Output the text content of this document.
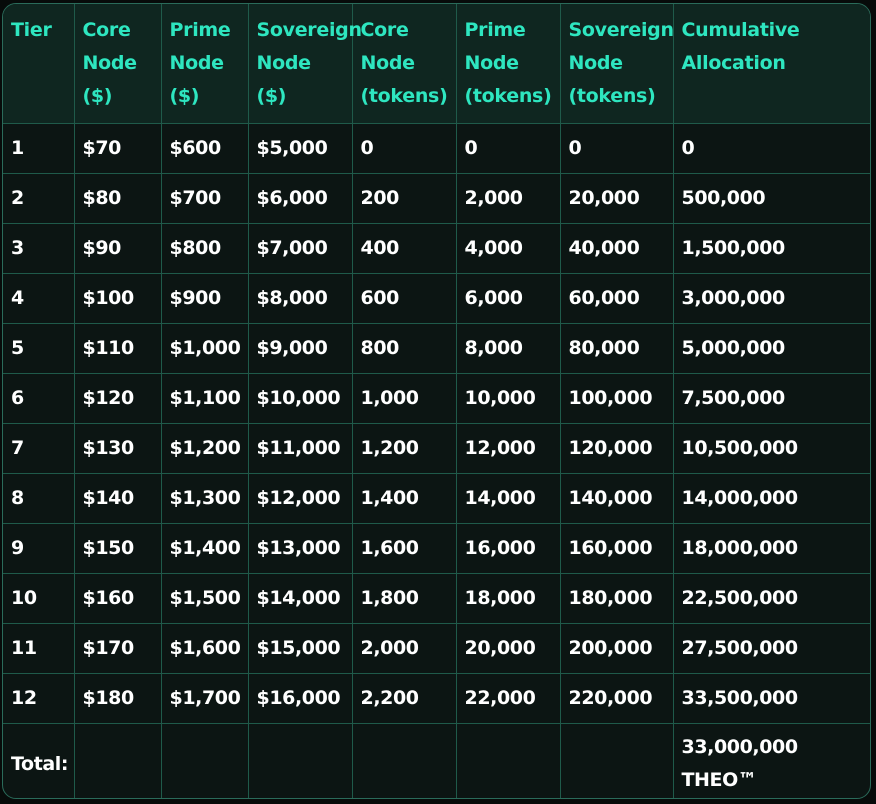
Tier	Core Node ($)	Prime Node ($)	Sovereign Node ($)	Core Node (tokens)	Prime Node (tokens)	Sovereign Node (tokens)	Cumulative Allocation
1	$70	$600	$5,000	0	0	0	0
2	$80	$700	$6,000	200	2,000	20,000	500,000
3	$90	$800	$7,000	400	4,000	40,000	1,500,000
4	$100	$900	$8,000	600	6,000	60,000	3,000,000
5	$110	$1,000	$9,000	800	8,000	80,000	5,000,000
6	$120	$1,100	$10,000	1,000	10,000	100,000	7,500,000
7	$130	$1,200	$11,000	1,200	12,000	120,000	10,500,000
8	$140	$1,300	$12,000	1,400	14,000	140,000	14,000,000
9	$150	$1,400	$13,000	1,600	16,000	160,000	18,000,000
10	$160	$1,500	$14,000	1,800	18,000	180,000	22,500,000
11	$170	$1,600	$15,000	2,000	20,000	200,000	27,500,000
12	$180	$1,700	$16,000	2,200	22,000	220,000	33,500,000
Total:							33,000,000
THEO™
